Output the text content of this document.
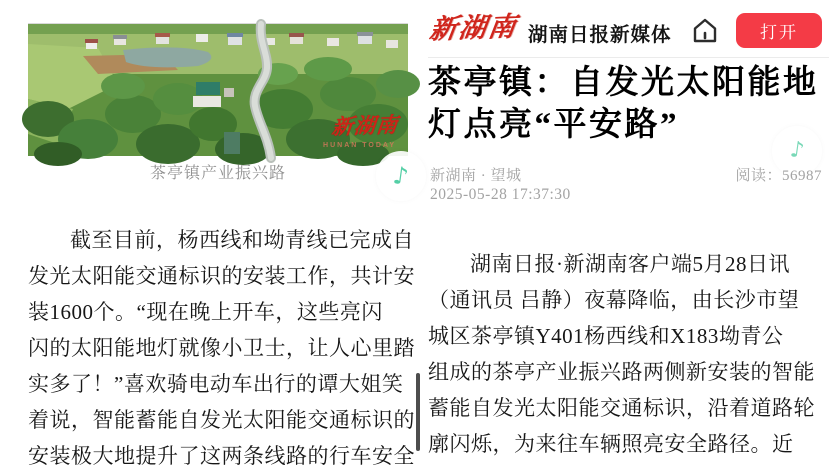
新湖南
HUNAN TODAY
茶亭镇产业振兴路	♪
♪
新湖南 湖南日报新媒体	打开
茶亭镇：自发光太阳能地
灯点亮“平安路”
新湖南 · 望城	阅读：56987
2025-05-28 17:37:30
截至目前，杨西线和坳青线已完成自
发光太阳能交通标识的安装工作，共计安
装1600个。“现在晚上开车，这些亮闪
闪的太阳能地灯就像小卫士，让人心里踏
实多了！”喜欢骑电动车出行的谭大姐笑
着说，智能蓄能自发光太阳能交通标识的
安装极大地提升了这两条线路的行车安全
湖南日报·新湖南客户端5月28日讯
（通讯员 吕静）夜幕降临，由长沙市望
城区茶亭镇Y401杨西线和X183坳青公
组成的茶亭产业振兴路两侧新安装的智能
蓄能自发光太阳能交通标识，沿着道路轮
廓闪烁，为来往车辆照亮安全路径。近
